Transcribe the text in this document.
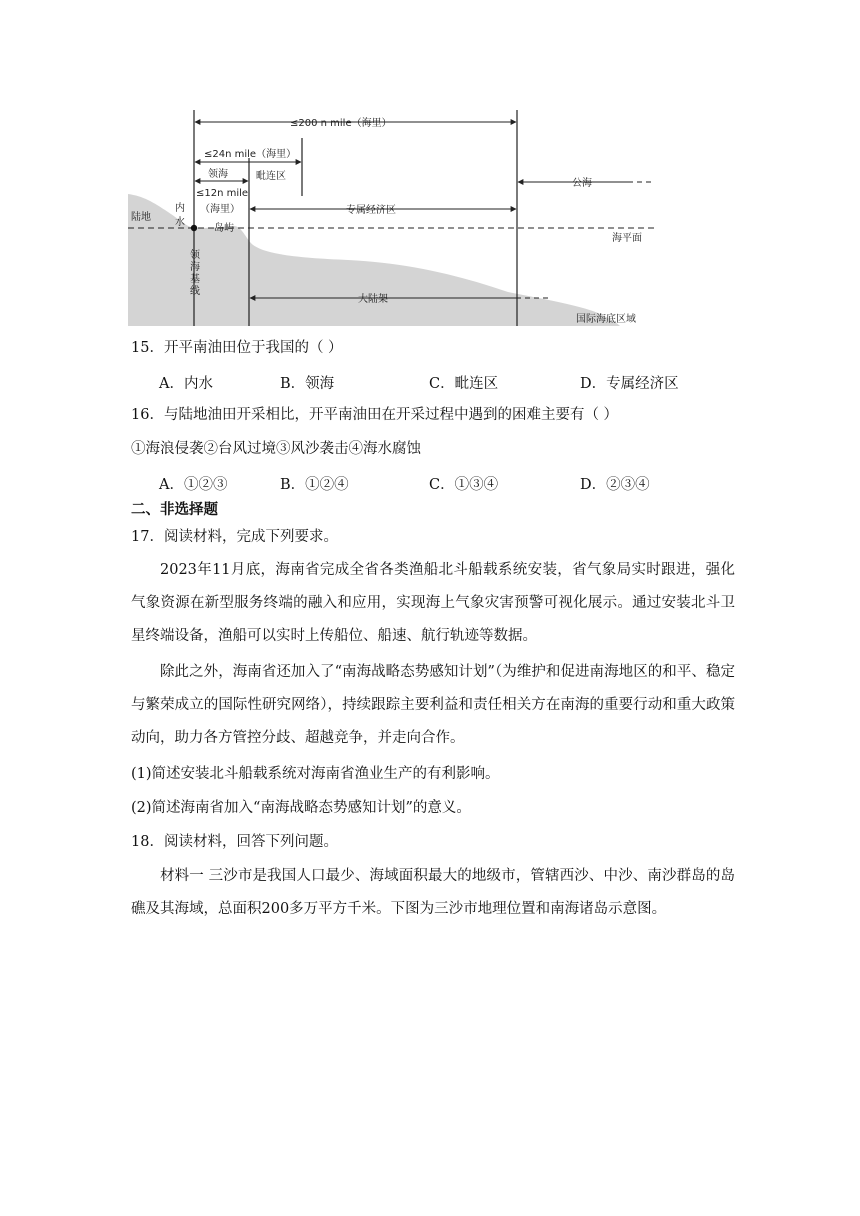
≤200 n mile（海里）
≤24n mile（海里）
领海	毗连区
≤12n mile
（海里）
公海
陆地
内
水
岛屿
专属经济区
海平面
领
海
基
线
大陆架
国际海底区域
15．开平南油田位于我国的（ ）
A．内水	B．领海	C．毗连区	D．专属经济区
16．与陆地油田开采相比，开平南油田在开采过程中遇到的困难主要有（ ）
①海浪侵袭②台风过境③风沙袭击④海水腐蚀
A．①②③	B．①②④	C．①③④	D．②③④
二、非选择题
17．阅读材料，完成下列要求。
2023年11月底，海南省完成全省各类渔船北斗船载系统安装，省气象局实时跟进，强化气象资源在新型服务终端的融入和应用，实现海上气象灾害预警可视化展示。通过安装北斗卫星终端设备，渔船可以实时上传船位、船速、航行轨迹等数据。
除此之外，海南省还加入了“南海战略态势感知计划”（为维护和促进南海地区的和平、稳定与繁荣成立的国际性研究网络），持续跟踪主要利益和责任相关方在南海的重要行动和重大政策动向，助力各方管控分歧、超越竞争，并走向合作。
(1)简述安装北斗船载系统对海南省渔业生产的有利影响。
(2)简述海南省加入“南海战略态势感知计划”的意义。
18．阅读材料，回答下列问题。
材料一 三沙市是我国人口最少、海域面积最大的地级市，管辖西沙、中沙、南沙群岛的岛礁及其海域，总面积200多万平方千米。下图为三沙市地理位置和南海诸岛示意图。
